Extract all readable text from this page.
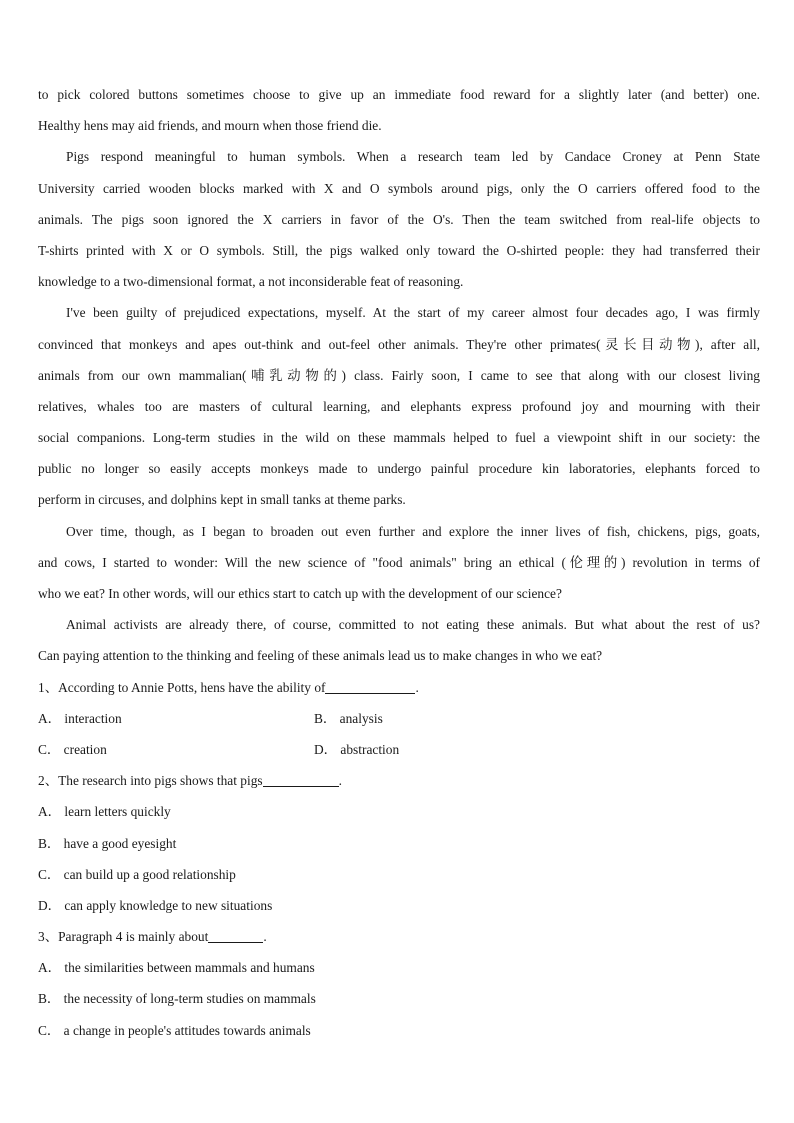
to pick colored buttons sometimes choose to give up an immediate food reward for a slightly later (and better) one.
Healthy hens may aid friends, and mourn when those friend die.
Pigs respond meaningful to human symbols. When a research team led by Candace Croney at Penn State
University carried wooden blocks marked with X and O symbols around pigs, only the O carriers offered food to the
animals. The pigs soon ignored the X carriers in favor of the O's. Then the team switched from real-life objects to
T-shirts printed with X or O symbols. Still, the pigs walked only toward the O-shirted people: they had transferred their
knowledge to a two-dimensional format, a not inconsiderable feat of reasoning.
I've been guilty of prejudiced expectations, myself. At the start of my career almost four decades ago, I was firmly
convinced that monkeys and apes out-think and out-feel other animals. They're other primates(灵长目动物), after all,
animals from our own mammalian(哺乳动物的) class. Fairly soon, I came to see that along with our closest living
relatives, whales too are masters of cultural learning, and elephants express profound joy and mourning with their
social companions. Long-term studies in the wild on these mammals helped to fuel a viewpoint shift in our society: the
public no longer so easily accepts monkeys made to undergo painful procedure kin laboratories, elephants forced to
perform in circuses, and dolphins kept in small tanks at theme parks.
Over time, though, as I began to broaden out even further and explore the inner lives of fish, chickens, pigs, goats,
and cows, I started to wonder: Will the new science of "food animals" bring an ethical (伦理的) revolution in terms of
who we eat? In other words, will our ethics start to catch up with the development of our science?
Animal activists are already there, of course, committed to not eating these animals. But what about the rest of us?
Can paying attention to the thinking and feeling of these animals lead us to make changes in who we eat?
1、According to Annie Potts, hens have the ability of	.
A． interaction	B． analysis
C． creation	D． abstraction
2、The research into pigs shows that pigs	.
A． learn letters quickly
B． have a good eyesight
C． can build up a good relationship
D． can apply knowledge to new situations
3、Paragraph 4 is mainly about	.
A． the similarities between mammals and humans
B． the necessity of long-term studies on mammals
C． a change in people's attitudes towards animals
